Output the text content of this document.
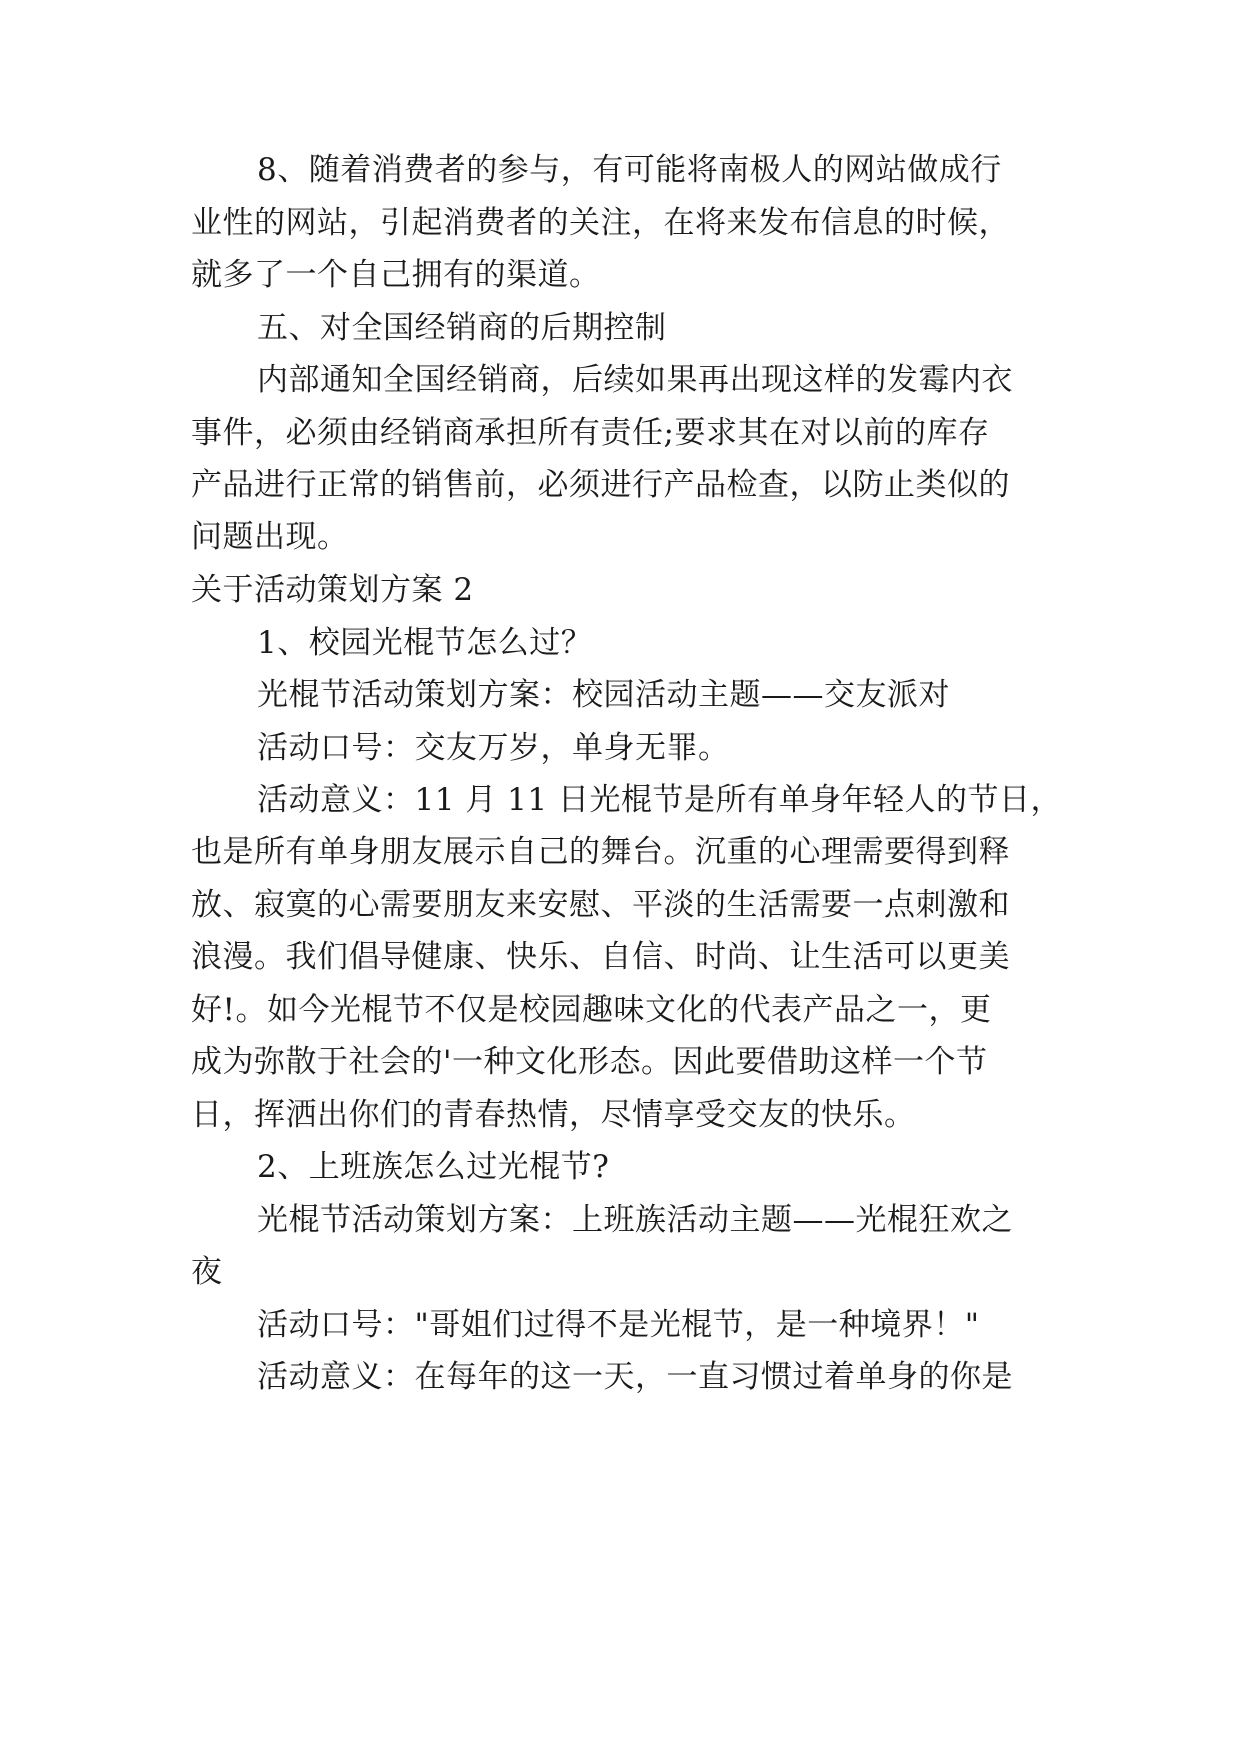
8、随着消费者的参与，有可能将南极人的网站做成行
业性的网站，引起消费者的关注，在将来发布信息的时候，
就多了一个自己拥有的渠道。
五、对全国经销商的后期控制
内部通知全国经销商，后续如果再出现这样的发霉内衣
事件，必须由经销商承担所有责任;要求其在对以前的库存
产品进行正常的销售前，必须进行产品检查，以防止类似的
问题出现。
关于活动策划方案 2
1、校园光棍节怎么过？
光棍节活动策划方案：校园活动主题——交友派对
活动口号：交友万岁，单身无罪。
活动意义：11 月 11 日光棍节是所有单身年轻人的节日，
也是所有单身朋友展示自己的舞台。沉重的心理需要得到释
放、寂寞的心需要朋友来安慰、平淡的生活需要一点刺激和
浪漫。我们倡导健康、快乐、自信、时尚、让生活可以更美
好!。如今光棍节不仅是校园趣味文化的代表产品之一，更
成为弥散于社会的'一种文化形态。因此要借助这样一个节
日，挥洒出你们的青春热情，尽情享受交友的快乐。
2、上班族怎么过光棍节?
光棍节活动策划方案：上班族活动主题——光棍狂欢之
夜
活动口号："哥姐们过得不是光棍节，是一种境界！"
活动意义：在每年的这一天，一直习惯过着单身的你是
